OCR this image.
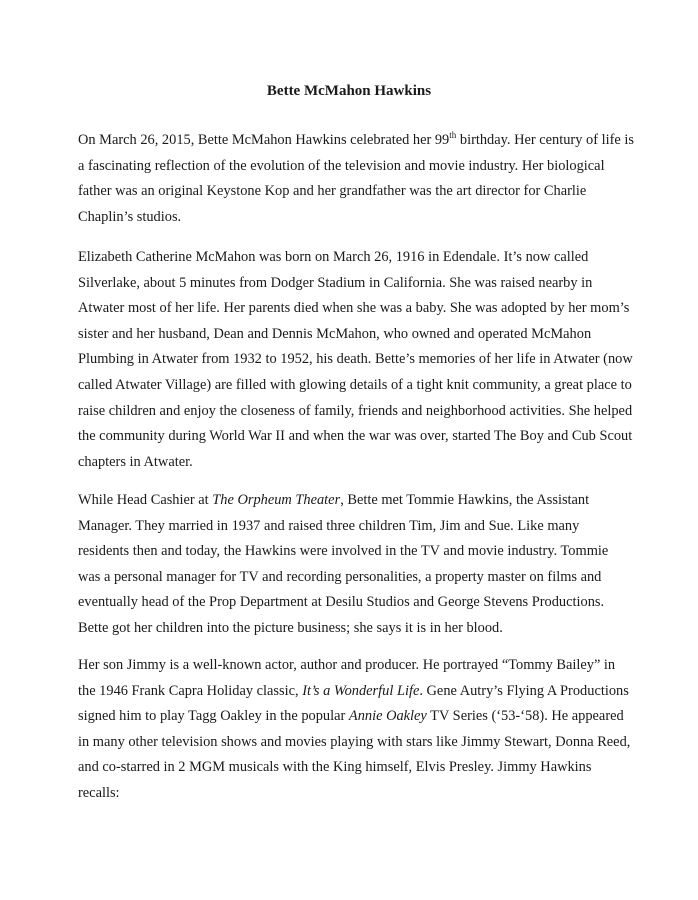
Bette McMahon Hawkins
On March 26, 2015, Bette McMahon Hawkins celebrated her 99th birthday. Her century of life is
a fascinating reflection of the evolution of the television and movie industry. Her biological
father was an original Keystone Kop and her grandfather was the art director for Charlie
Chaplin’s studios.
Elizabeth Catherine McMahon was born on March 26, 1916 in Edendale. It’s now called
Silverlake, about 5 minutes from Dodger Stadium in California. She was raised nearby in
Atwater most of her life. Her parents died when she was a baby. She was adopted by her mom’s
sister and her husband, Dean and Dennis McMahon, who owned and operated McMahon
Plumbing in Atwater from 1932 to 1952, his death. Bette’s memories of her life in Atwater (now
called Atwater Village) are filled with glowing details of a tight knit community, a great place to
raise children and enjoy the closeness of family, friends and neighborhood activities. She helped
the community during World War II and when the war was over, started The Boy and Cub Scout
chapters in Atwater.
While Head Cashier at The Orpheum Theater, Bette met Tommie Hawkins, the Assistant
Manager. They married in 1937 and raised three children Tim, Jim and Sue. Like many
residents then and today, the Hawkins were involved in the TV and movie industry. Tommie
was a personal manager for TV and recording personalities, a property master on films and
eventually head of the Prop Department at Desilu Studios and George Stevens Productions.
Bette got her children into the picture business; she says it is in her blood.
Her son Jimmy is a well-known actor, author and producer. He portrayed “Tommy Bailey” in
the 1946 Frank Capra Holiday classic, It’s a Wonderful Life. Gene Autry’s Flying A Productions
signed him to play Tagg Oakley in the popular Annie Oakley TV Series (‘53-‘58). He appeared
in many other television shows and movies playing with stars like Jimmy Stewart, Donna Reed,
and co-starred in 2 MGM musicals with the King himself, Elvis Presley. Jimmy Hawkins
recalls:
